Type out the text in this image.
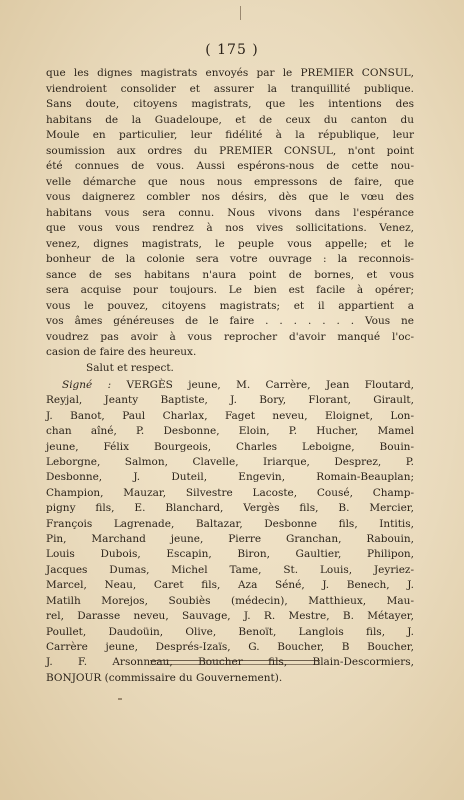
( 175 )
que les dignes magistrats envoyés par le PREMIER CONSUL,
viendroient consolider et assurer la tranquillité publique.
Sans doute, citoyens magistrats, que les intentions des
habitans de la Guadeloupe, et de ceux du canton du
Moule en particulier, leur fidélité à la république, leur
soumission aux ordres du PREMIER CONSUL, n'ont point
été connues de vous. Aussi espérons-nous de cette nou-
velle démarche que nous nous empressons de faire, que
vous daignerez combler nos désirs, dès que le vœu des
habitans vous sera connu. Nous vivons dans l'espérance
que vous vous rendrez à nos vives sollicitations. Venez,
venez, dignes magistrats, le peuple vous appelle; et le
bonheur de la colonie sera votre ouvrage : la reconnois-
sance de ses habitans n'aura point de bornes, et vous
sera acquise pour toujours. Le bien est facile à opérer;
vous le pouvez, citoyens magistrats; et il appartient a
vos âmes généreuses de le faire . . . . . . . Vous ne
voudrez pas avoir à vous reprocher d'avoir manqué l'oc-
casion de faire des heureux.
Salut et respect.
Signé : VERGÈS jeune, M. Carrère, Jean Floutard,
Reyjal, Jeanty Baptiste, J. Bory, Florant, Girault,
J. Banot, Paul Charlax, Faget neveu, Eloignet, Lon-
chan aîné, P. Desbonne, Eloin, P. Hucher, Mamel
jeune, Félix Bourgeois, Charles Leboigne, Bouin-
Leborgne, Salmon, Clavelle, Iriarque, Desprez, P.
Desbonne, J. Duteil, Engevin, Romain-Beauplan;
Champion, Mauzar, Silvestre Lacoste, Cousé, Champ-
pigny fils, E. Blanchard, Vergès fils, B. Mercier,
François Lagrenade, Baltazar, Desbonne fils, Intitis,
Pin, Marchand jeune, Pierre Granchan, Rabouin,
Louis Dubois, Escapin, Biron, Gaultier, Philipon,
Jacques Dumas, Michel Tame, St. Louis, Jeyriez-
Marcel, Neau, Caret fils, Aza Séné, J. Benech, J.
Matilh Morejos, Soubiès (médecin), Matthieux, Mau-
rel, Darasse neveu, Sauvage, J. R. Mestre, B. Métayer,
Poullet, Daudoüin, Olive, Benoït, Langlois fils, J.
Carrère jeune, Després-Izaïs, G. Boucher, B Boucher,
J. F. Arsonneau, Boucher fils, Blain-Descormiers,
BONJOUR (commissaire du Gouvernement).
